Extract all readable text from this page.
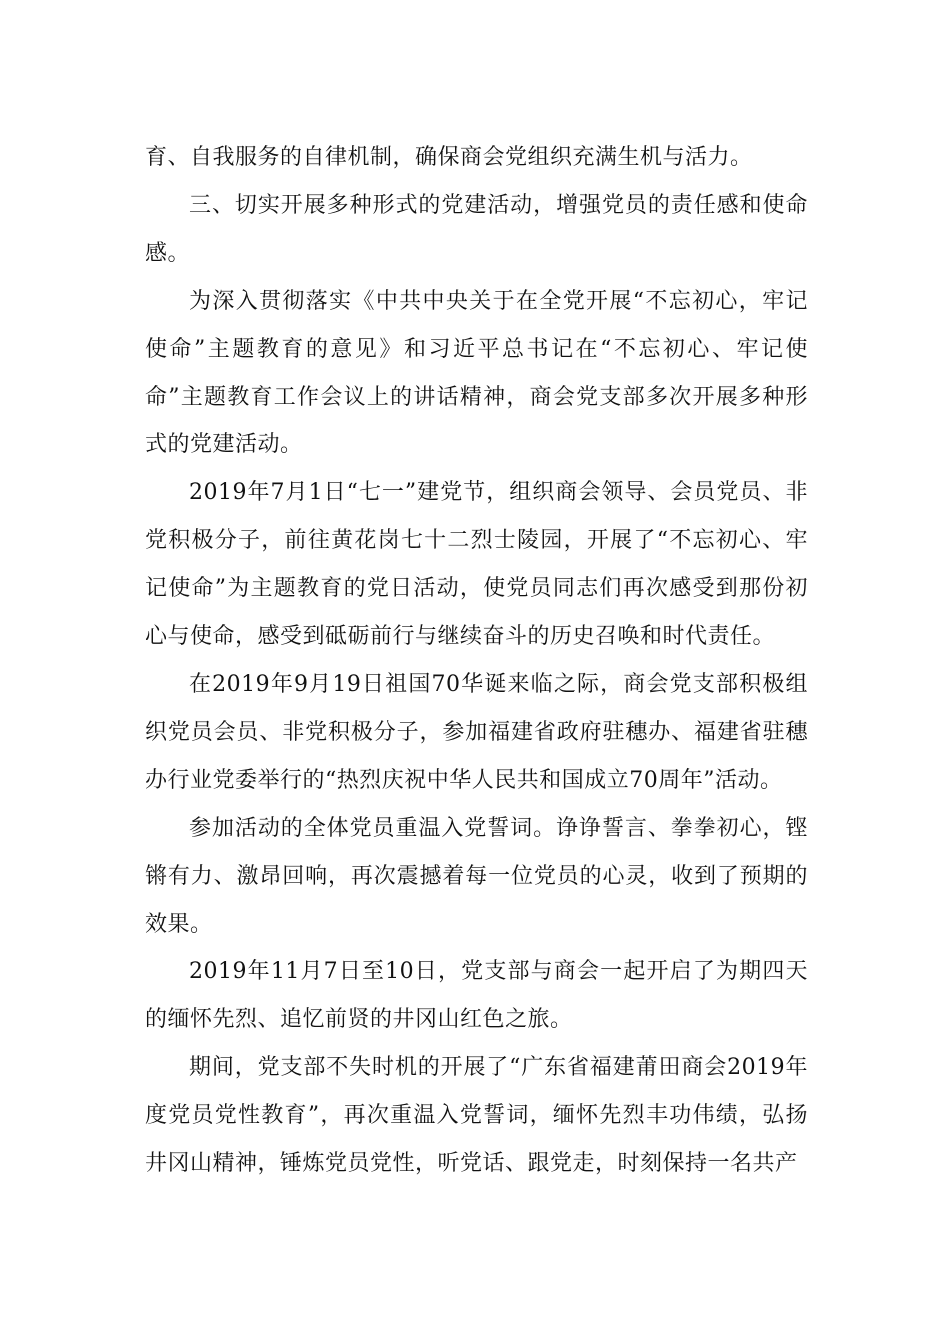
育、自我服务的自律机制，确保商会党组织充满生机与活力。

三、切实开展多种形式的党建活动，增强党员的责任感和使命感。

为深入贯彻落实《中共中央关于在全党开展“不忘初心，牢记使命”主题教育的意见》和习近平总书记在“不忘初心、牢记使命”主题教育工作会议上的讲话精神，商会党支部多次开展多种形式的党建活动。

2019年7月1日“七一”建党节，组织商会领导、会员党员、非党积极分子，前往黄花岗七十二烈士陵园，开展了“不忘初心、牢记使命”为主题教育的党日活动，使党员同志们再次感受到那份初心与使命，感受到砥砺前行与继续奋斗的历史召唤和时代责任。

在2019年9月19日祖国70华诞来临之际，商会党支部积极组织党员会员、非党积极分子，参加福建省政府驻穗办、福建省驻穗办行业党委举行的“热烈庆祝中华人民共和国成立70周年”活动。

参加活动的全体党员重温入党誓词。诤诤誓言、拳拳初心，铿锵有力、激昂回响，再次震撼着每一位党员的心灵，收到了预期的效果。

2019年11月7日至10日，党支部与商会一起开启了为期四天的缅怀先烈、追忆前贤的井冈山红色之旅。

期间，党支部不失时机的开展了“广东省福建莆田商会2019年度党员党性教育”，再次重温入党誓词，缅怀先烈丰功伟绩，弘扬井冈山精神，锤炼党员党性，听党话、跟党走，时刻保持一名共产
